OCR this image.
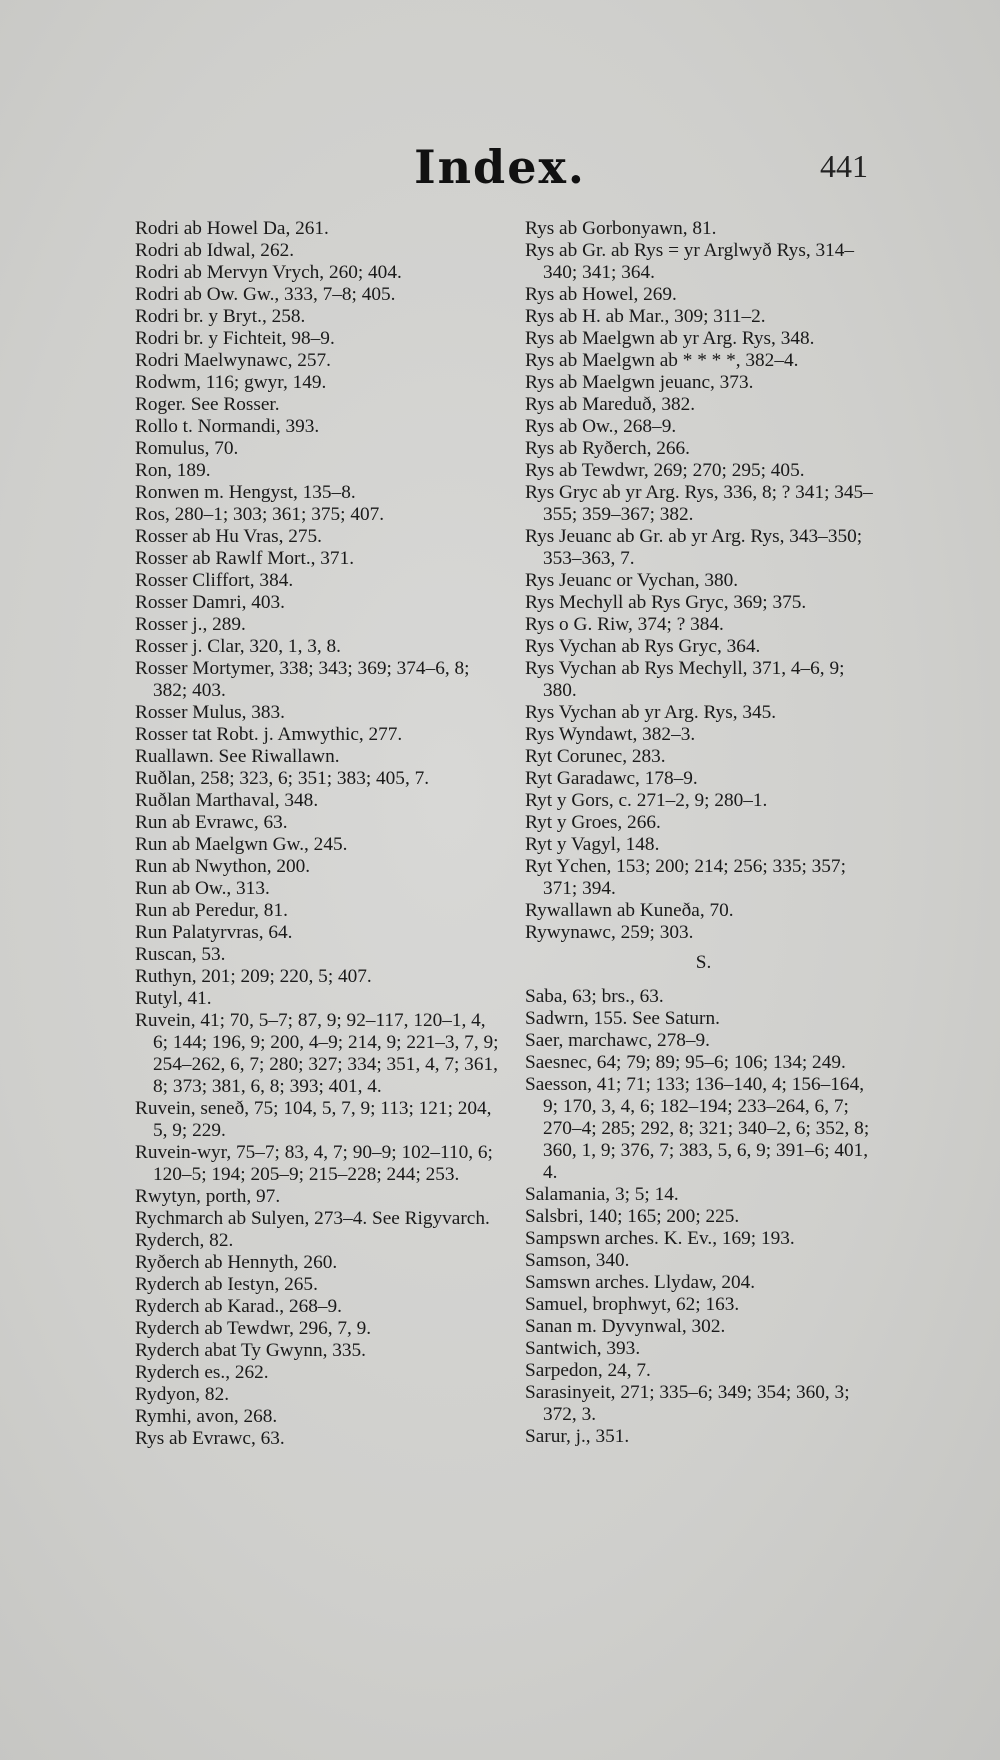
Index.	441
Rodri ab Howel Da, 261.
Rodri ab Idwal, 262.
Rodri ab Mervyn Vrych, 260; 404.
Rodri ab Ow. Gw., 333, 7–8; 405.
Rodri br. y Bryt., 258.
Rodri br. y Fichteit, 98–9.
Rodri Maelwynawc, 257.
Rodwm, 116; gwyr, 149.
Roger. See Rosser.
Rollo t. Normandi, 393.
Romulus, 70.
Ron, 189.
Ronwen m. Hengyst, 135–8.
Ros, 280–1; 303; 361; 375; 407.
Rosser ab Hu Vras, 275.
Rosser ab Rawlf Mort., 371.
Rosser Cliffort, 384.
Rosser Damri, 403.
Rosser j., 289.
Rosser j. Clar, 320, 1, 3, 8.
Rosser Mortymer, 338; 343; 369; 374–6, 8; 382; 403.
Rosser Mulus, 383.
Rosser tat Robt. j. Amwythic, 277.
Ruallawn. See Riwallawn.
Ruðlan, 258; 323, 6; 351; 383; 405, 7.
Ruðlan Marthaval, 348.
Run ab Evrawc, 63.
Run ab Maelgwn Gw., 245.
Run ab Nwython, 200.
Run ab Ow., 313.
Run ab Peredur, 81.
Run Palatyrvras, 64.
Ruscan, 53.
Ruthyn, 201; 209; 220, 5; 407.
Rutyl, 41.
Ruvein, 41; 70, 5–7; 87, 9; 92–117, 120–1, 4, 6; 144; 196, 9; 200, 4–9; 214, 9; 221–3, 7, 9; 254–262, 6, 7; 280; 327; 334; 351, 4, 7; 361, 8; 373; 381, 6, 8; 393; 401, 4.
Ruvein, seneð, 75; 104, 5, 7, 9; 113; 121; 204, 5, 9; 229.
Ruvein-wyr, 75–7; 83, 4, 7; 90–9; 102–110, 6; 120–5; 194; 205–9; 215–228; 244; 253.
Rwytyn, porth, 97.
Rychmarch ab Sulyen, 273–4. See Rigyvarch.
Ryderch, 82.
Ryðerch ab Hennyth, 260.
Ryderch ab Iestyn, 265.
Ryderch ab Karad., 268–9.
Ryderch ab Tewdwr, 296, 7, 9.
Ryderch abat Ty Gwynn, 335.
Ryderch es., 262.
Rydyon, 82.
Rymhi, avon, 268.
Rys ab Evrawc, 63.
Rys ab Gorbonyawn, 81.
Rys ab Gr. ab Rys = yr Arglwyð Rys, 314–340; 341; 364.
Rys ab Howel, 269.
Rys ab H. ab Mar., 309; 311–2.
Rys ab Maelgwn ab yr Arg. Rys, 348.
Rys ab Maelgwn ab * * * *, 382–4.
Rys ab Maelgwn jeuanc, 373.
Rys ab Mareduð, 382.
Rys ab Ow., 268–9.
Rys ab Ryðerch, 266.
Rys ab Tewdwr, 269; 270; 295; 405.
Rys Gryc ab yr Arg. Rys, 336, 8; ? 341; 345–355; 359–367; 382.
Rys Jeuanc ab Gr. ab yr Arg. Rys, 343–350; 353–363, 7.
Rys Jeuanc or Vychan, 380.
Rys Mechyll ab Rys Gryc, 369; 375.
Rys o G. Riw, 374; ? 384.
Rys Vychan ab Rys Gryc, 364.
Rys Vychan ab Rys Mechyll, 371, 4–6, 9; 380.
Rys Vychan ab yr Arg. Rys, 345.
Rys Wyndawt, 382–3.
Ryt Corunec, 283.
Ryt Garadawc, 178–9.
Ryt y Gors, c. 271–2, 9; 280–1.
Ryt y Groes, 266.
Ryt y Vagyl, 148.
Ryt Ychen, 153; 200; 214; 256; 335; 357; 371; 394.
Rywallawn ab Kuneða, 70.
Rywynawc, 259; 303.
S.
Saba, 63; brs., 63.
Sadwrn, 155. See Saturn.
Saer, marchawc, 278–9.
Saesnec, 64; 79; 89; 95–6; 106; 134; 249.
Saesson, 41; 71; 133; 136–140, 4; 156–164, 9; 170, 3, 4, 6; 182–194; 233–264, 6, 7; 270–4; 285; 292, 8; 321; 340–2, 6; 352, 8; 360, 1, 9; 376, 7; 383, 5, 6, 9; 391–6; 401, 4.
Salamania, 3; 5; 14.
Salsbri, 140; 165; 200; 225.
Sampswn arches. K. Ev., 169; 193.
Samson, 340.
Samswn arches. Llydaw, 204.
Samuel, brophwyt, 62; 163.
Sanan m. Dyvynwal, 302.
Santwich, 393.
Sarpedon, 24, 7.
Sarasinyeit, 271; 335–6; 349; 354; 360, 3; 372, 3.
Sarur, j., 351.
